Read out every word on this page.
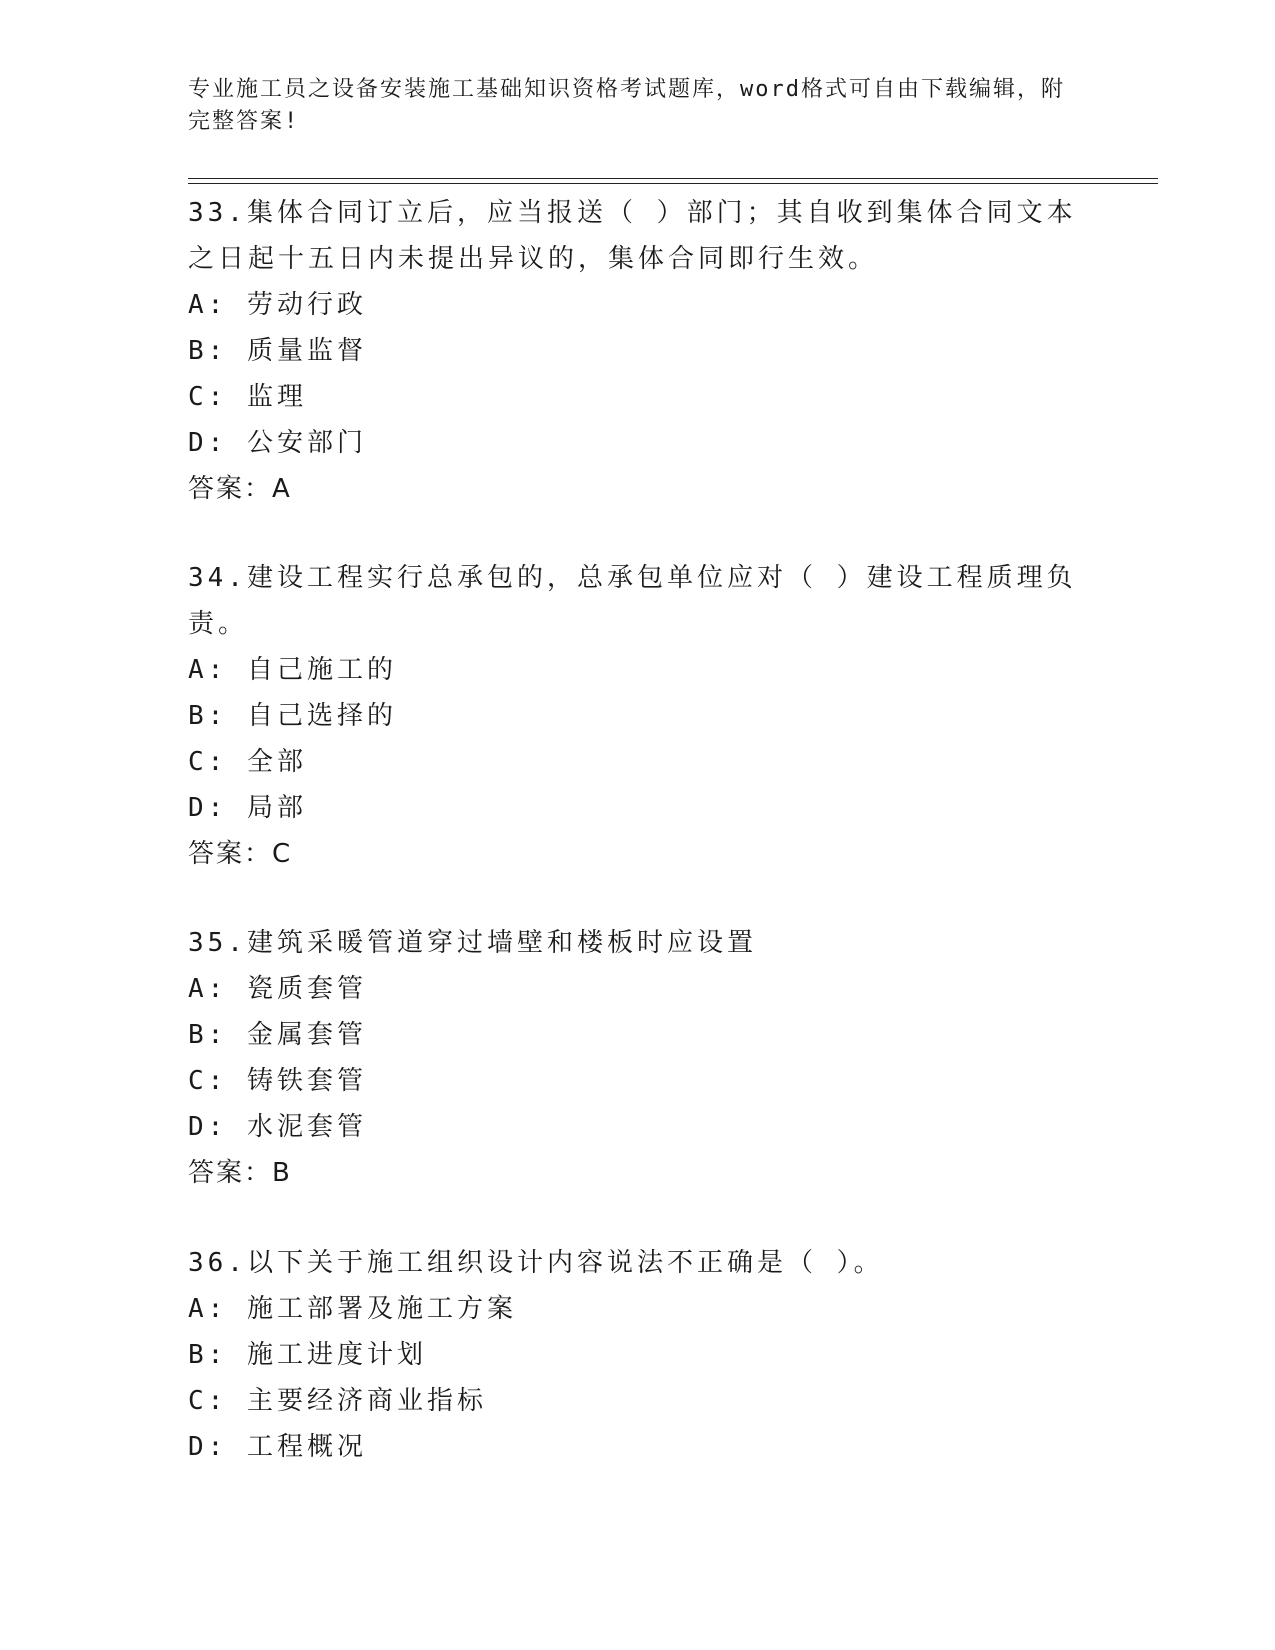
专业施工员之设备安装施工基础知识资格考试题库，word格式可自由下载编辑，附完整答案!

33.集体合同订立后，应当报送（ ）部门；其自收到集体合同文本之日起十五日内未提出异议的，集体合同即行生效。

A: 劳动行政

B: 质量监督

C: 监理

D: 公安部门

答案：A

34.建设工程实行总承包的，总承包单位应对（ ）建设工程质理负责。

A: 自己施工的

B: 自己选择的

C: 全部

D: 局部

答案：C

35.建筑采暖管道穿过墙壁和楼板时应设置

A: 瓷质套管

B: 金属套管

C: 铸铁套管

D: 水泥套管

答案：B

36.以下关于施工组织设计内容说法不正确是（ ）。

A: 施工部署及施工方案

B: 施工进度计划

C: 主要经济商业指标

D: 工程概况
